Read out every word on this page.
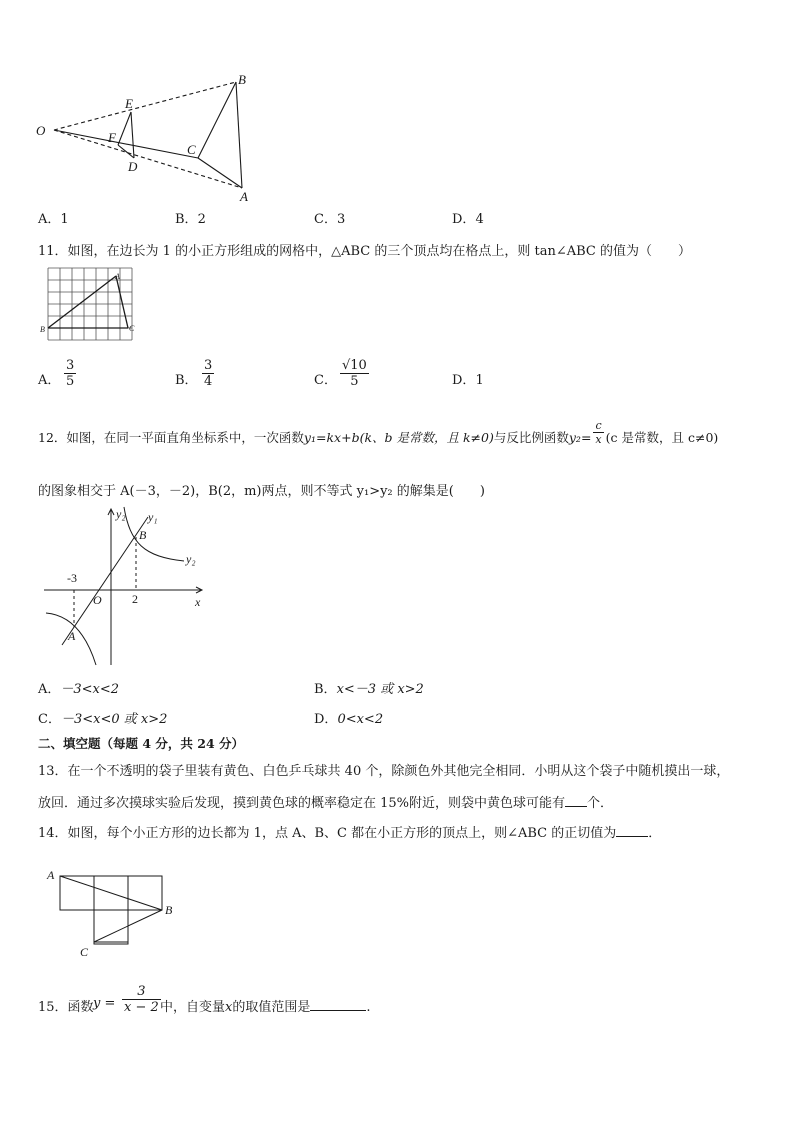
O
E
F
D
C
B
A
A．1	B．2	C．3	D．4
11．如图，在边长为 1 的小正方形组成的网格中，△ABC 的三个顶点均在格点上，则 tan∠ABC 的值为（　　）
A
B	C
A． $\frac{3}{5}$	B． $\frac{3}{4}$	C． $\frac{√10}{5}$	D．1
12．如图，在同一平面直角坐标系中，一次函数y₁=kx+b(k、b 是常数，且 k≠0)与反比例函数$y_2= \frac{c}{x} (c$ 是常数，且 c≠0)
的图象相交于 A(－3，－2)，B(2，m)两点，则不等式 y₁>y₂ 的解集是(　　)
y₂ y₁
B
y₂
O	x
A
-3
2
A．－3<x<2	B．x<－3 或 x>2
C．－3<x<0 或 x>2	D．0<x<2
二、填空题（每题 4 分，共 24 分）
13．在一个不透明的袋子里装有黄色、白色乒乓球共 40 个，除颜色外其他完全相同．小明从这个袋子中随机摸出一球，
放回．通过多次摸球实验后发现，摸到黄色球的概率稳定在 15%附近，则袋中黄色球可能有 个．
14．如图，每个小正方形的边长都为 1，点 A、B、C 都在小正方形的顶点上，则∠ABC 的正切值为 ．
A
B
C
15．函数 $y = \frac{3}{x - 2}$ 中，自变量x的取值范围是	.
